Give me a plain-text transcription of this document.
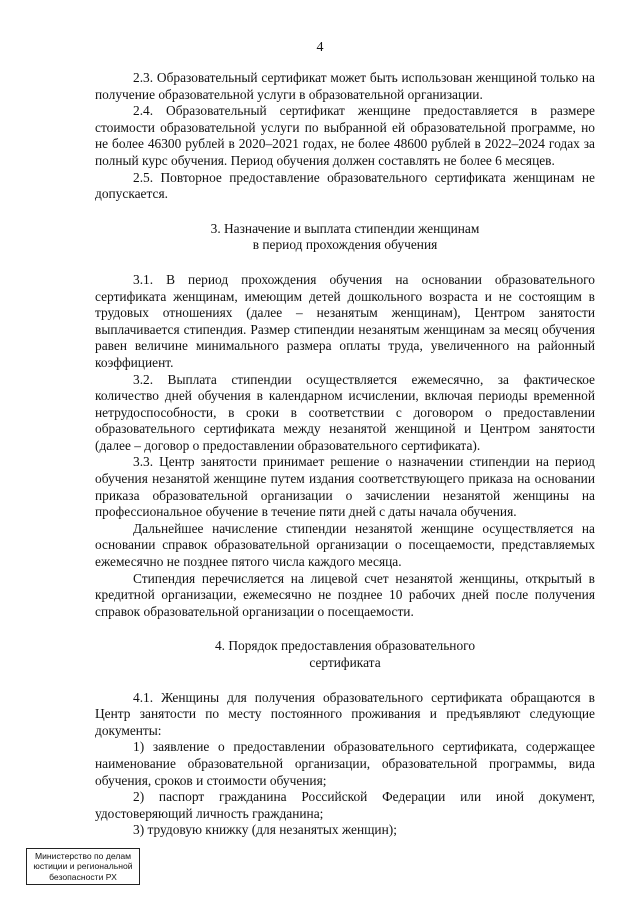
4

2.3. Образовательный сертификат может быть использован женщиной только на получение образовательной услуги в образовательной организации.

2.4. Образовательный сертификат женщине предоставляется в размере стоимости образовательной услуги по выбранной ей образовательной программе, но не более 46300 рублей в 2020–2021 годах, не более 48600 рублей в 2022–2024 годах за полный курс обучения. Период обучения должен составлять не более 6 месяцев.

2.5. Повторное предоставление образовательного сертификата женщинам не допускается.

3. Назначение и выплата стипендии женщинам
в период прохождения обучения

3.1. В период прохождения обучения на основании образовательного сертификата женщинам, имеющим детей дошкольного возраста и не состоящим в трудовых отношениях (далее – незанятым женщинам), Центром занятости выплачивается стипендия. Размер стипендии незанятым женщинам за месяц обучения равен величине минимального размера оплаты труда, увеличенного на районный коэффициент.

3.2. Выплата стипендии осуществляется ежемесячно, за фактическое количество дней обучения в календарном исчислении, включая периоды временной нетрудоспособности, в сроки в соответствии с договором о предоставлении образовательного сертификата между незанятой женщиной и Центром занятости (далее – договор о предоставлении образовательного сертификата).

3.3. Центр занятости принимает решение о назначении стипендии на период обучения незанятой женщине путем издания соответствующего приказа на основании приказа образовательной организации о зачислении незанятой женщины на профессиональное обучение в течение пяти дней с даты начала обучения.

Дальнейшее начисление стипендии незанятой женщине осуществляется на основании справок образовательной организации о посещаемости, представляемых ежемесячно не позднее пятого числа каждого месяца.

Стипендия перечисляется на лицевой счет незанятой женщины, открытый в кредитной организации, ежемесячно не позднее 10 рабочих дней после получения справок образовательной организации о посещаемости.

4. Порядок предоставления образовательного
сертификата

4.1. Женщины для получения образовательного сертификата обращаются в Центр занятости по месту постоянного проживания и предъявляют следующие документы:

1) заявление о предоставлении образовательного сертификата, содержащее наименование образовательной организации, образовательной программы, вида обучения, сроков и стоимости обучения;

2) паспорт гражданина Российской Федерации или иной документ, удостоверяющий личность гражданина;

3) трудовую книжку (для незанятых женщин);

Министерство по делам
юстиции и региональной
безопасности РХ
